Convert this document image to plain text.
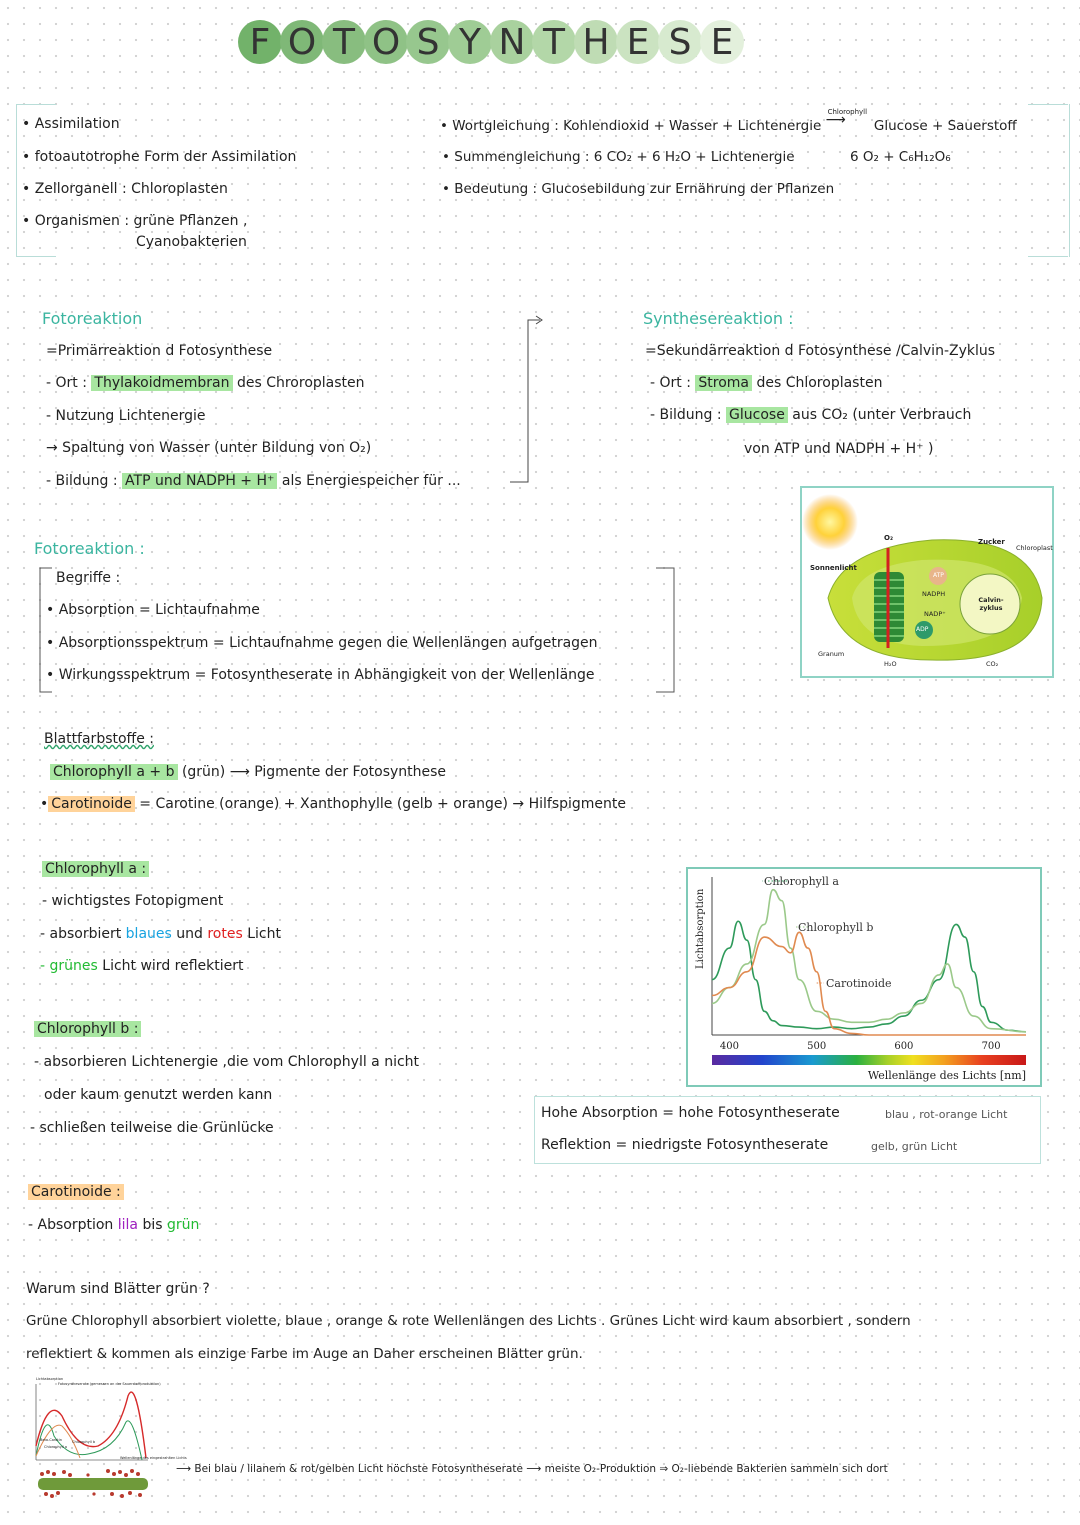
F O T O S Y N T H E S E
• Assimilation
• fotoautotrophe Form der Assimilation
• Zellorganell : Chloroplasten
• Organismen : grüne Pflanzen ,
Cyanobakterien
• Wortgleichung : Kohlendioxid + Wasser + Lichtenergie
Chlorophyll
⟶ Glucose + Sauerstoff
• Summengleichung : 6 CO₂ + 6 H₂O + Lichtenergie	6 O₂ + C₆H₁₂O₆
• Bedeutung : Glucosebildung zur Ernährung der Pflanzen
Fotoreaktion
=Primärreaktion d Fotosynthese
- Ort : Thylakoidmembran des Chroroplasten
- Nutzung Lichtenergie
→ Spaltung von Wasser (unter Bildung von O₂)
- Bildung : ATP und NADPH + H⁺ als Energiespeicher für ...
Synthesereaktion :
=Sekundärreaktion d Fotosynthese /Calvin-Zyklus
- Ort : Stroma des Chloroplasten
- Bildung : Glucose aus CO₂ (unter Verbrauch
von ATP und NADPH + H⁺ )
Sonnenlicht
O₂	Zucker
Chloroplast
ATP
NADPH
NADP⁺
ADP
Calvin-zyklus
Granum
H₂O	CO₂
Fotoreaktion :
Begriffe :
• Absorption = Lichtaufnahme
• Absorptionsspektrum = Lichtaufnahme gegen die Wellenlängen aufgetragen
• Wirkungsspektrum = Fotosyntheserate in Abhängigkeit von der Wellenlänge
Blattfarbstoffe :
Chlorophyll a + b (grün) ⟶ Pigmente der Fotosynthese
• Carotinoide = Carotine (orange) + Xanthophylle (gelb + orange) → Hilfspigmente
Chlorophyll a :
- wichtigstes Fotopigment
- absorbiert blaues und rotes Licht
- grünes Licht wird reflektiert
400	500	600	700
Lichtabsorption
Chlorophyll a
Chlorophyll b
Carotinoide
Wellenlänge des Lichts [nm]
Chlorophyll b :
- absorbieren Lichtenergie ,die vom Chlorophyll a nicht
oder kaum genutzt werden kann
- schließen teilweise die Grünlücke
Hohe Absorption = hohe Fotosyntheserate	blau , rot-orange Licht
Reflektion = niedrigste Fotosyntheserate	gelb, grün Licht
Carotinoide :
- Absorption lila bis grün
Warum sind Blätter grün ?
Grüne Chlorophyll absorbiert violette, blaue , orange & rote Wellenlängen des Lichts . Grünes Licht wird kaum absorbiert , sondern
reflektiert & kommen als einzige Farbe im Auge an Daher erscheinen Blätter grün.
Lichtabsorption
Fotosyntheserate (gemessen an der Sauerstoffproduktion)
Beta-Carotin
Chlorophyll a
Chlorophyll b
Wellenlänge des eingestrahlten Lichts
⟶ Bei blau / lilanem & rot/gelben Licht höchste Fotosyntheserate ⟶ meiste O₂-Produktion ⇒ O₂-liebende Bakterien sammeln sich dort
